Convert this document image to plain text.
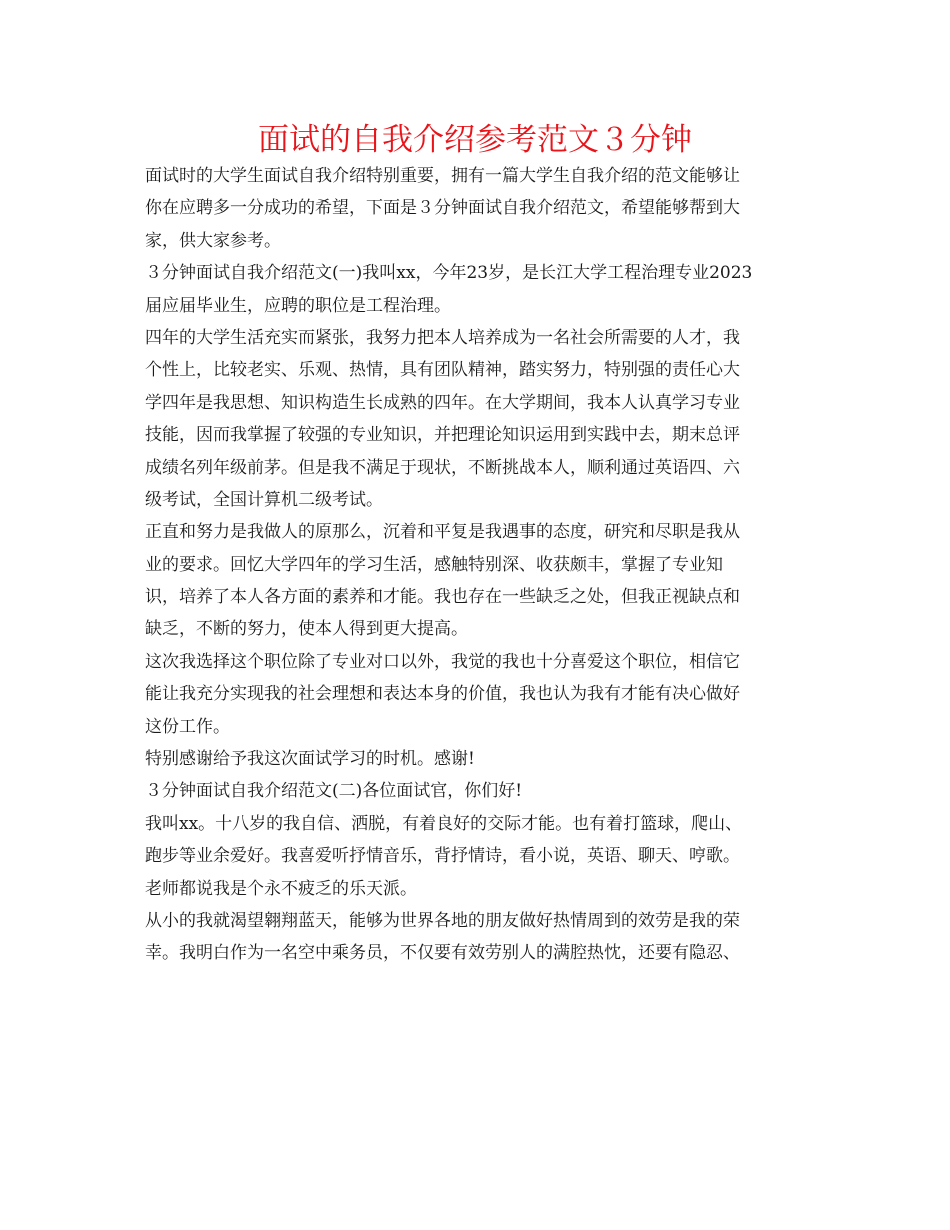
面试的自我介绍参考范文３分钟
面试时的大学生面试自我介绍特别重要，拥有一篇大学生自我介绍的范文能够让
你在应聘多一分成功的希望，下面是３分钟面试自我介绍范文，希望能够帮到大
家，供大家参考。
３分钟面试自我介绍范文(一)我叫xx，今年23岁，是长江大学工程治理专业2023
届应届毕业生，应聘的职位是工程治理。
四年的大学生活充实而紧张，我努力把本人培养成为一名社会所需要的人才，我
个性上，比较老实、乐观、热情，具有团队精神，踏实努力，特别强的责任心大
学四年是我思想、知识构造生长成熟的四年。在大学期间，我本人认真学习专业
技能，因而我掌握了较强的专业知识，并把理论知识运用到实践中去，期末总评
成绩名列年级前茅。但是我不满足于现状，不断挑战本人，顺利通过英语四、六
级考试，全国计算机二级考试。
正直和努力是我做人的原那么，沉着和平复是我遇事的态度，研究和尽职是我从
业的要求。回忆大学四年的学习生活，感触特别深、收获颇丰，掌握了专业知
识，培养了本人各方面的素养和才能。我也存在一些缺乏之处，但我正视缺点和
缺乏，不断的努力，使本人得到更大提高。
这次我选择这个职位除了专业对口以外，我觉的我也十分喜爱这个职位，相信它
能让我充分实现我的社会理想和表达本身的价值，我也认为我有才能有决心做好
这份工作。
特别感谢给予我这次面试学习的时机。感谢!
３分钟面试自我介绍范文(二)各位面试官，你们好!
我叫xx。十八岁的我自信、洒脱，有着良好的交际才能。也有着打篮球，爬山、
跑步等业余爱好。我喜爱听抒情音乐，背抒情诗，看小说，英语、聊天、哼歌。
老师都说我是个永不疲乏的乐天派。
从小的我就渴望翱翔蓝天，能够为世界各地的朋友做好热情周到的效劳是我的荣
幸。我明白作为一名空中乘务员，不仅要有效劳别人的满腔热忱，还要有隐忍、
